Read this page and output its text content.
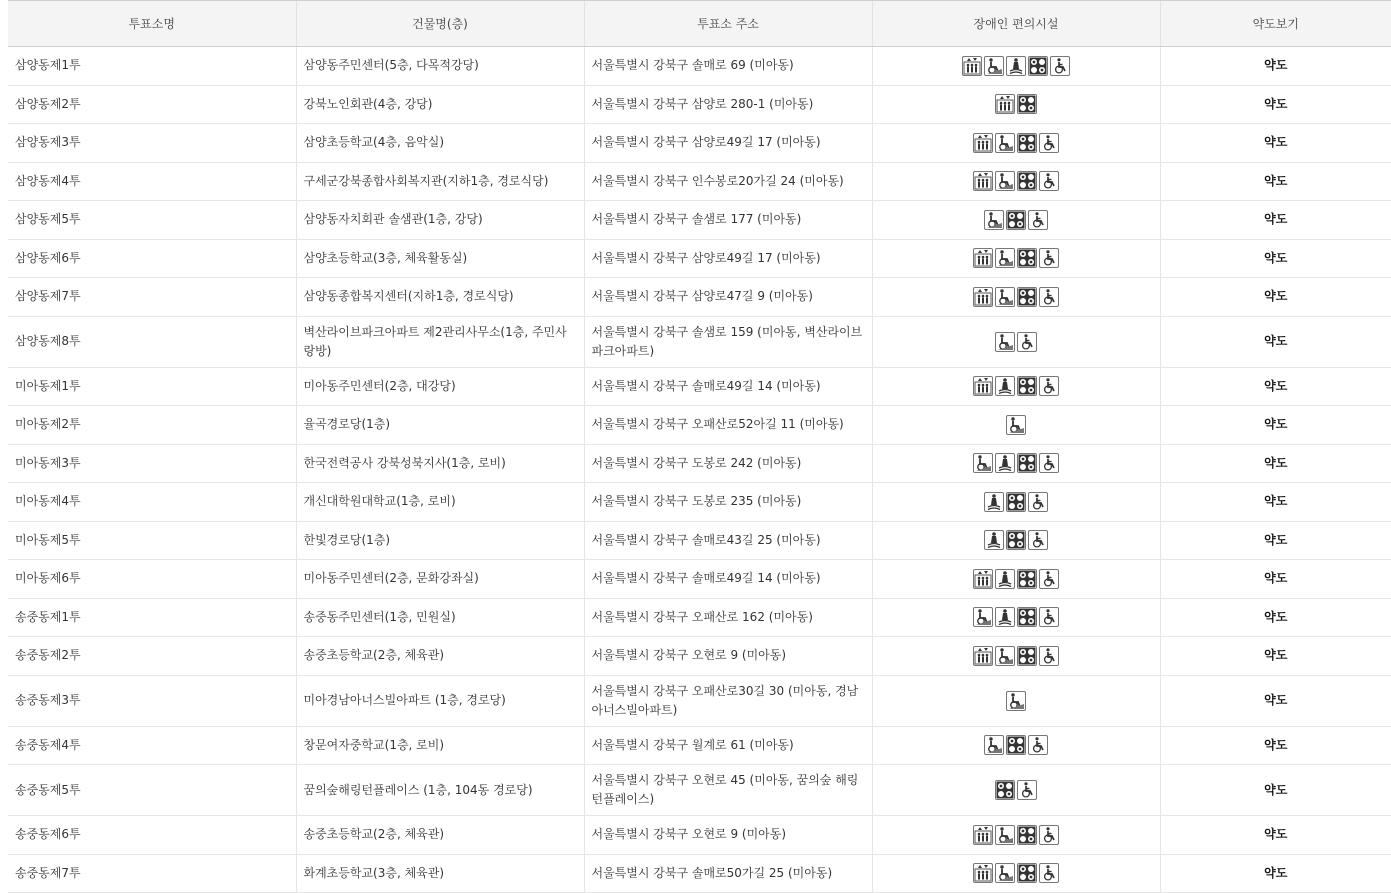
투표소명	건물명(층)	투표소 주소	장애인 편의시설	약도보기
삼양동제1투	삼양동주민센터(5층, 다목적강당)	서울특별시 강북구 솔매로 69 (미아동)		약도
삼양동제2투	강북노인회관(4층, 강당)	서울특별시 강북구 삼양로 280-1 (미아동)		약도
삼양동제3투	삼양초등학교(4층, 음악실)	서울특별시 강북구 삼양로49길 17 (미아동)		약도
삼양동제4투	구세군강북종합사회복지관(지하1층, 경로식당)	서울특별시 강북구 인수봉로20가길 24 (미아동)		약도
삼양동제5투	삼양동자치회관 솔샘관(1층, 강당)	서울특별시 강북구 솔샘로 177 (미아동)		약도
삼양동제6투	삼양초등학교(3층, 체육활동실)	서울특별시 강북구 삼양로49길 17 (미아동)		약도
삼양동제7투	삼양동종합복지센터(지하1층, 경로식당)	서울특별시 강북구 삼양로47길 9 (미아동)		약도
삼양동제8투	벽산라이브파크아파트 제2관리사무소(1층, 주민사랑방)	서울특별시 강북구 솔샘로 159 (미아동, 벽산라이브파크아파트)		약도
미아동제1투	미아동주민센터(2층, 대강당)	서울특별시 강북구 솔매로49길 14 (미아동)		약도
미아동제2투	율곡경로당(1층)	서울특별시 강북구 오패산로52아길 11 (미아동)		약도
미아동제3투	한국전력공사 강북성북지사(1층, 로비)	서울특별시 강북구 도봉로 242 (미아동)		약도
미아동제4투	개신대학원대학교(1층, 로비)	서울특별시 강북구 도봉로 235 (미아동)		약도
미아동제5투	한빛경로당(1층)	서울특별시 강북구 솔매로43길 25 (미아동)		약도
미아동제6투	미아동주민센터(2층, 문화강좌실)	서울특별시 강북구 솔매로49길 14 (미아동)		약도
송중동제1투	송중동주민센터(1층, 민원실)	서울특별시 강북구 오패산로 162 (미아동)		약도
송중동제2투	송중초등학교(2층, 체육관)	서울특별시 강북구 오현로 9 (미아동)		약도
송중동제3투	미아경남아너스빌아파트 (1층, 경로당)	서울특별시 강북구 오패산로30길 30 (미아동, 경남아너스빌아파트)		약도
송중동제4투	창문여자중학교(1층, 로비)	서울특별시 강북구 월계로 61 (미아동)		약도
송중동제5투	꿈의숲해링턴플레이스 (1층, 104동 경로당)	서울특별시 강북구 오현로 45 (미아동, 꿈의숲 해링턴플레이스)		약도
송중동제6투	송중초등학교(2층, 체육관)	서울특별시 강북구 오현로 9 (미아동)		약도
송중동제7투	화계초등학교(3층, 체육관)	서울특별시 강북구 솔매로50가길 25 (미아동)		약도
